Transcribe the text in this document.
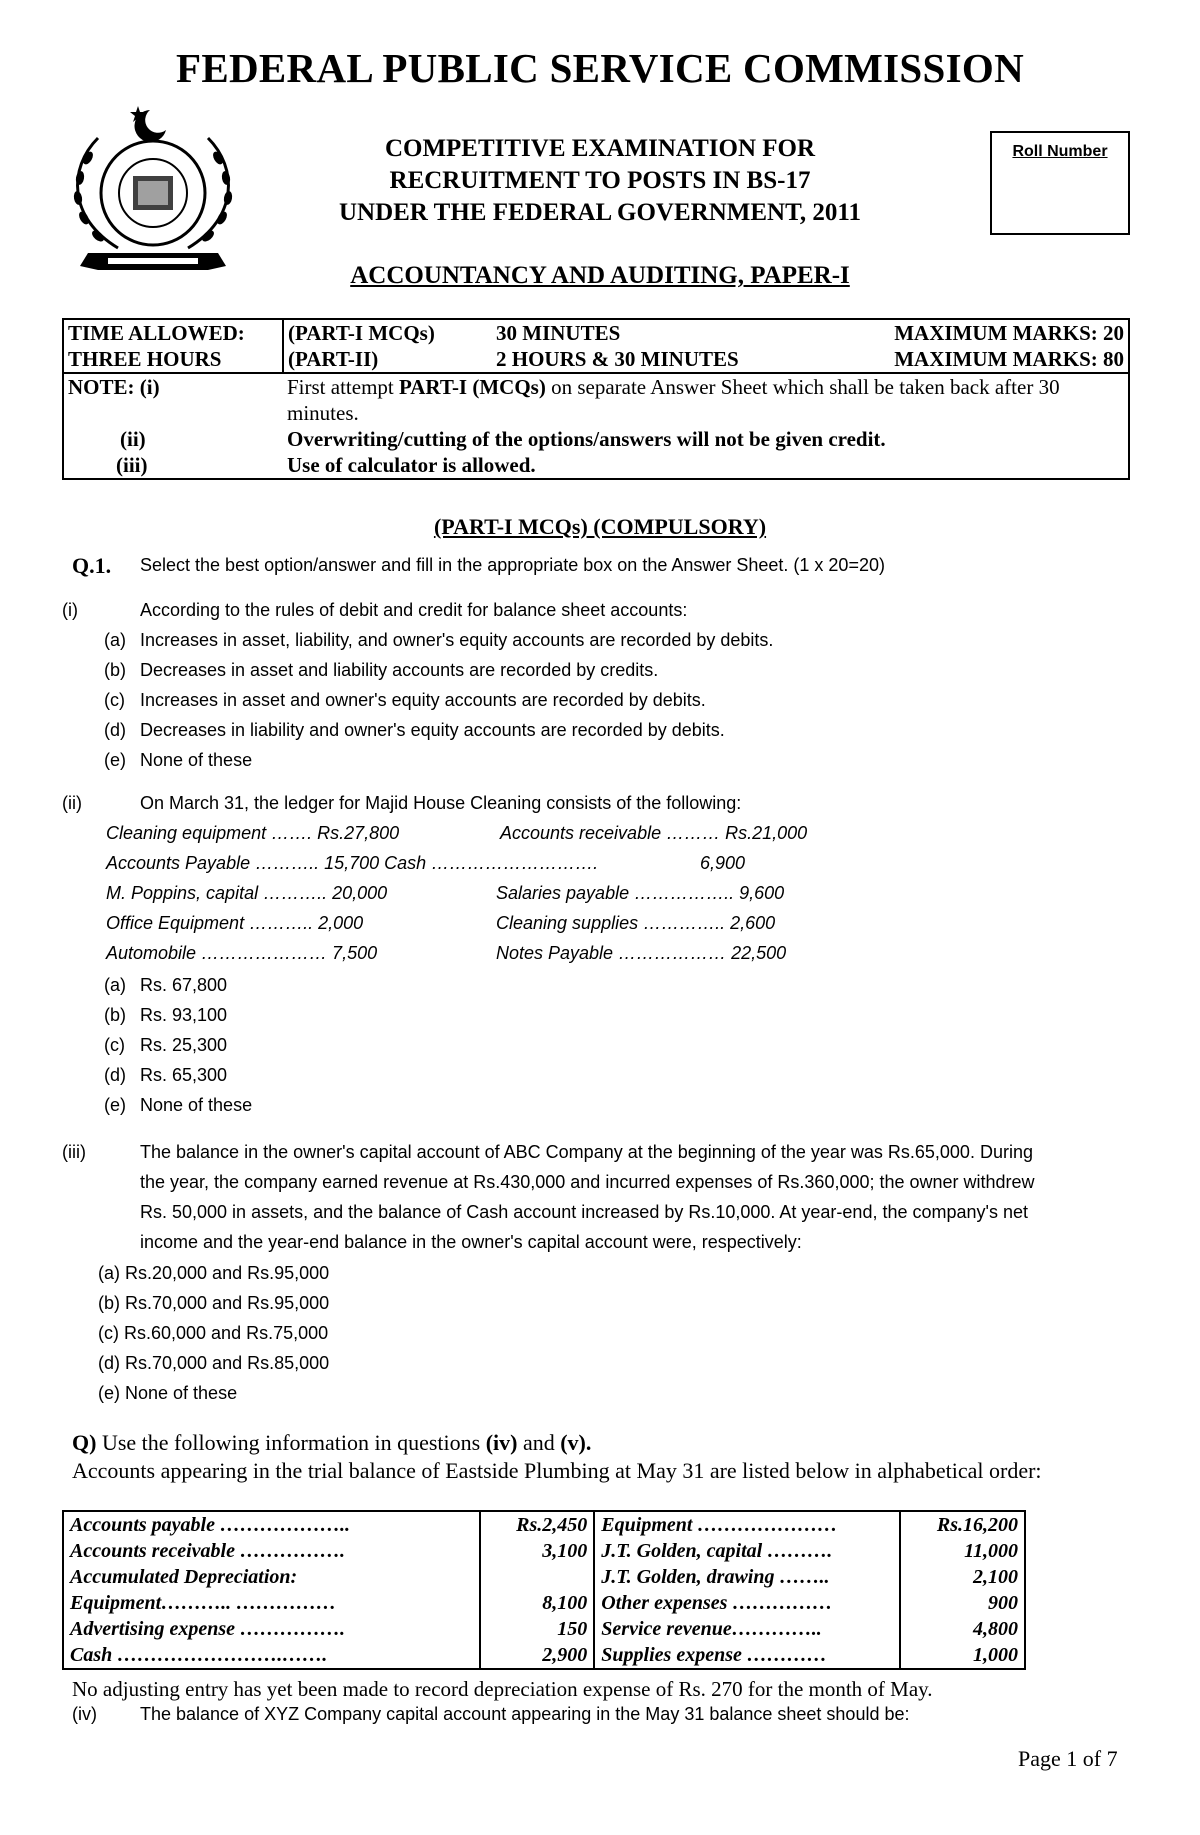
FEDERAL PUBLIC SERVICE COMMISSION
COMPETITIVE EXAMINATION FOR
RECRUITMENT TO POSTS IN BS-17
UNDER THE FEDERAL GOVERNMENT, 2011
Roll Number
ACCOUNTANCY AND AUDITING, PAPER-I
TIME ALLOWED:	(PART-I MCQs)	30 MINUTES	MAXIMUM MARKS: 20
THREE HOURS	(PART-II)	2 HOURS & 30 MINUTES	MAXIMUM MARKS: 80
NOTE: (i)	First attempt PART-I (MCQs) on separate Answer Sheet which shall be taken back after 30 minutes.		
(ii)	Overwriting/cutting of the options/answers will not be given credit.		
(iii)	Use of calculator is allowed.		
(PART-I MCQs) (COMPULSORY)
Q.1. Select the best option/answer and fill in the appropriate box on the Answer Sheet. (1 x 20=20)
(i)	According to the rules of debit and credit for balance sheet accounts:
(a) Increases in asset, liability, and owner's equity accounts are recorded by debits.
(b) Decreases in asset and liability accounts are recorded by credits.
(c) Increases in asset and owner's equity accounts are recorded by debits.
(d) Decreases in liability and owner's equity accounts are recorded by debits.
(e) None of these
(ii)	On March 31, the ledger for Majid House Cleaning consists of the following:
Cleaning equipment ……. Rs.27,800	Accounts receivable ……… Rs.21,000
Accounts Payable ……….. 15,700 Cash ……………………….	6,900
M. Poppins, capital ……….. 20,000	Salaries payable …………….. 9,600
Office Equipment ……….. 2,000	Cleaning supplies ………….. 2,600
Automobile ………………… 7,500	Notes Payable ……………… 22,500
(a) Rs. 67,800
(b) Rs. 93,100
(c) Rs. 25,300
(d) Rs. 65,300
(e) None of these
(iii)	The balance in the owner's capital account of ABC Company at the beginning of the year was Rs.65,000. During
the year, the company earned revenue at Rs.430,000 and incurred expenses of Rs.360,000; the owner withdrew
Rs. 50,000 in assets, and the balance of Cash account increased by Rs.10,000. At year-end, the company's net
income and the year-end balance in the owner's capital account were, respectively:
(a) Rs.20,000 and Rs.95,000
(b) Rs.70,000 and Rs.95,000
(c) Rs.60,000 and Rs.75,000
(d) Rs.70,000 and Rs.85,000
(e) None of these
Q) Use the following information in questions (iv) and (v).
Accounts appearing in the trial balance of Eastside Plumbing at May 31 are listed below in alphabetical order:
Accounts payable ………………..	Rs.2,450	Equipment …………………	Rs.16,200
Accounts receivable …………….	3,100	J.T. Golden, capital ……….	11,000
Accumulated Depreciation:		J.T. Golden, drawing ……..	2,100
Equipment……….. ……………	8,100	Other expenses ……………	900
Advertising expense …………….	150	Service revenue…………..	4,800
Cash …………………….…….	2,900	Supplies expense …………	1,000
No adjusting entry has yet been made to record depreciation expense of Rs. 270 for the month of May.
(iv) The balance of XYZ Company capital account appearing in the May 31 balance sheet should be:
Page 1 of 7
